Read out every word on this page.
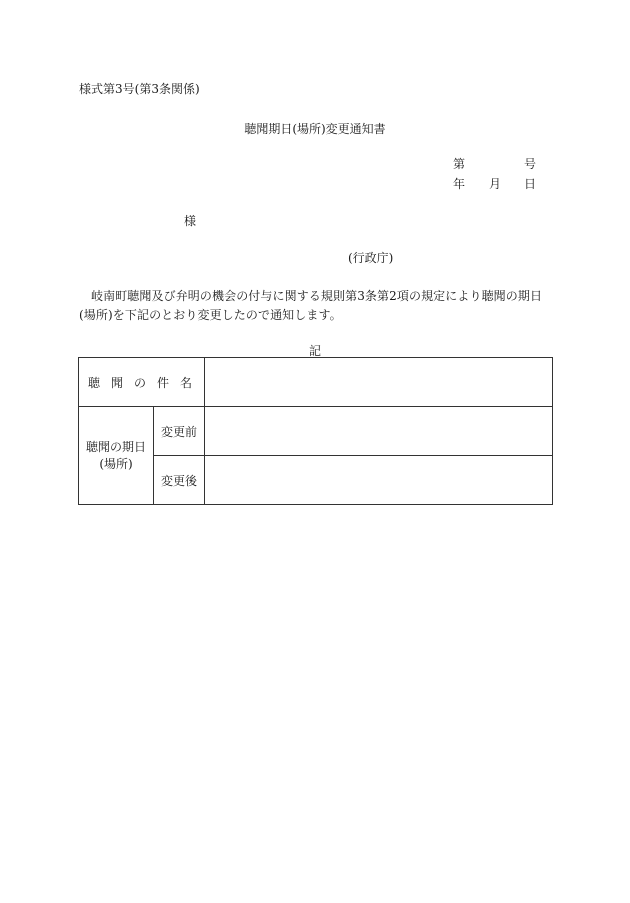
様式第3号(第3条関係)
聴聞期日(場所)変更通知書
第	号
年 月 日
様
(行政庁)
岐南町聴聞及び弁明の機会の付与に関する規則第3条第2項の規定により聴聞の期日(場所)を下記のとおり変更したので通知します。
記
聴聞の件名		
聴聞の期日
(場所)	変更前	
	変更後	
